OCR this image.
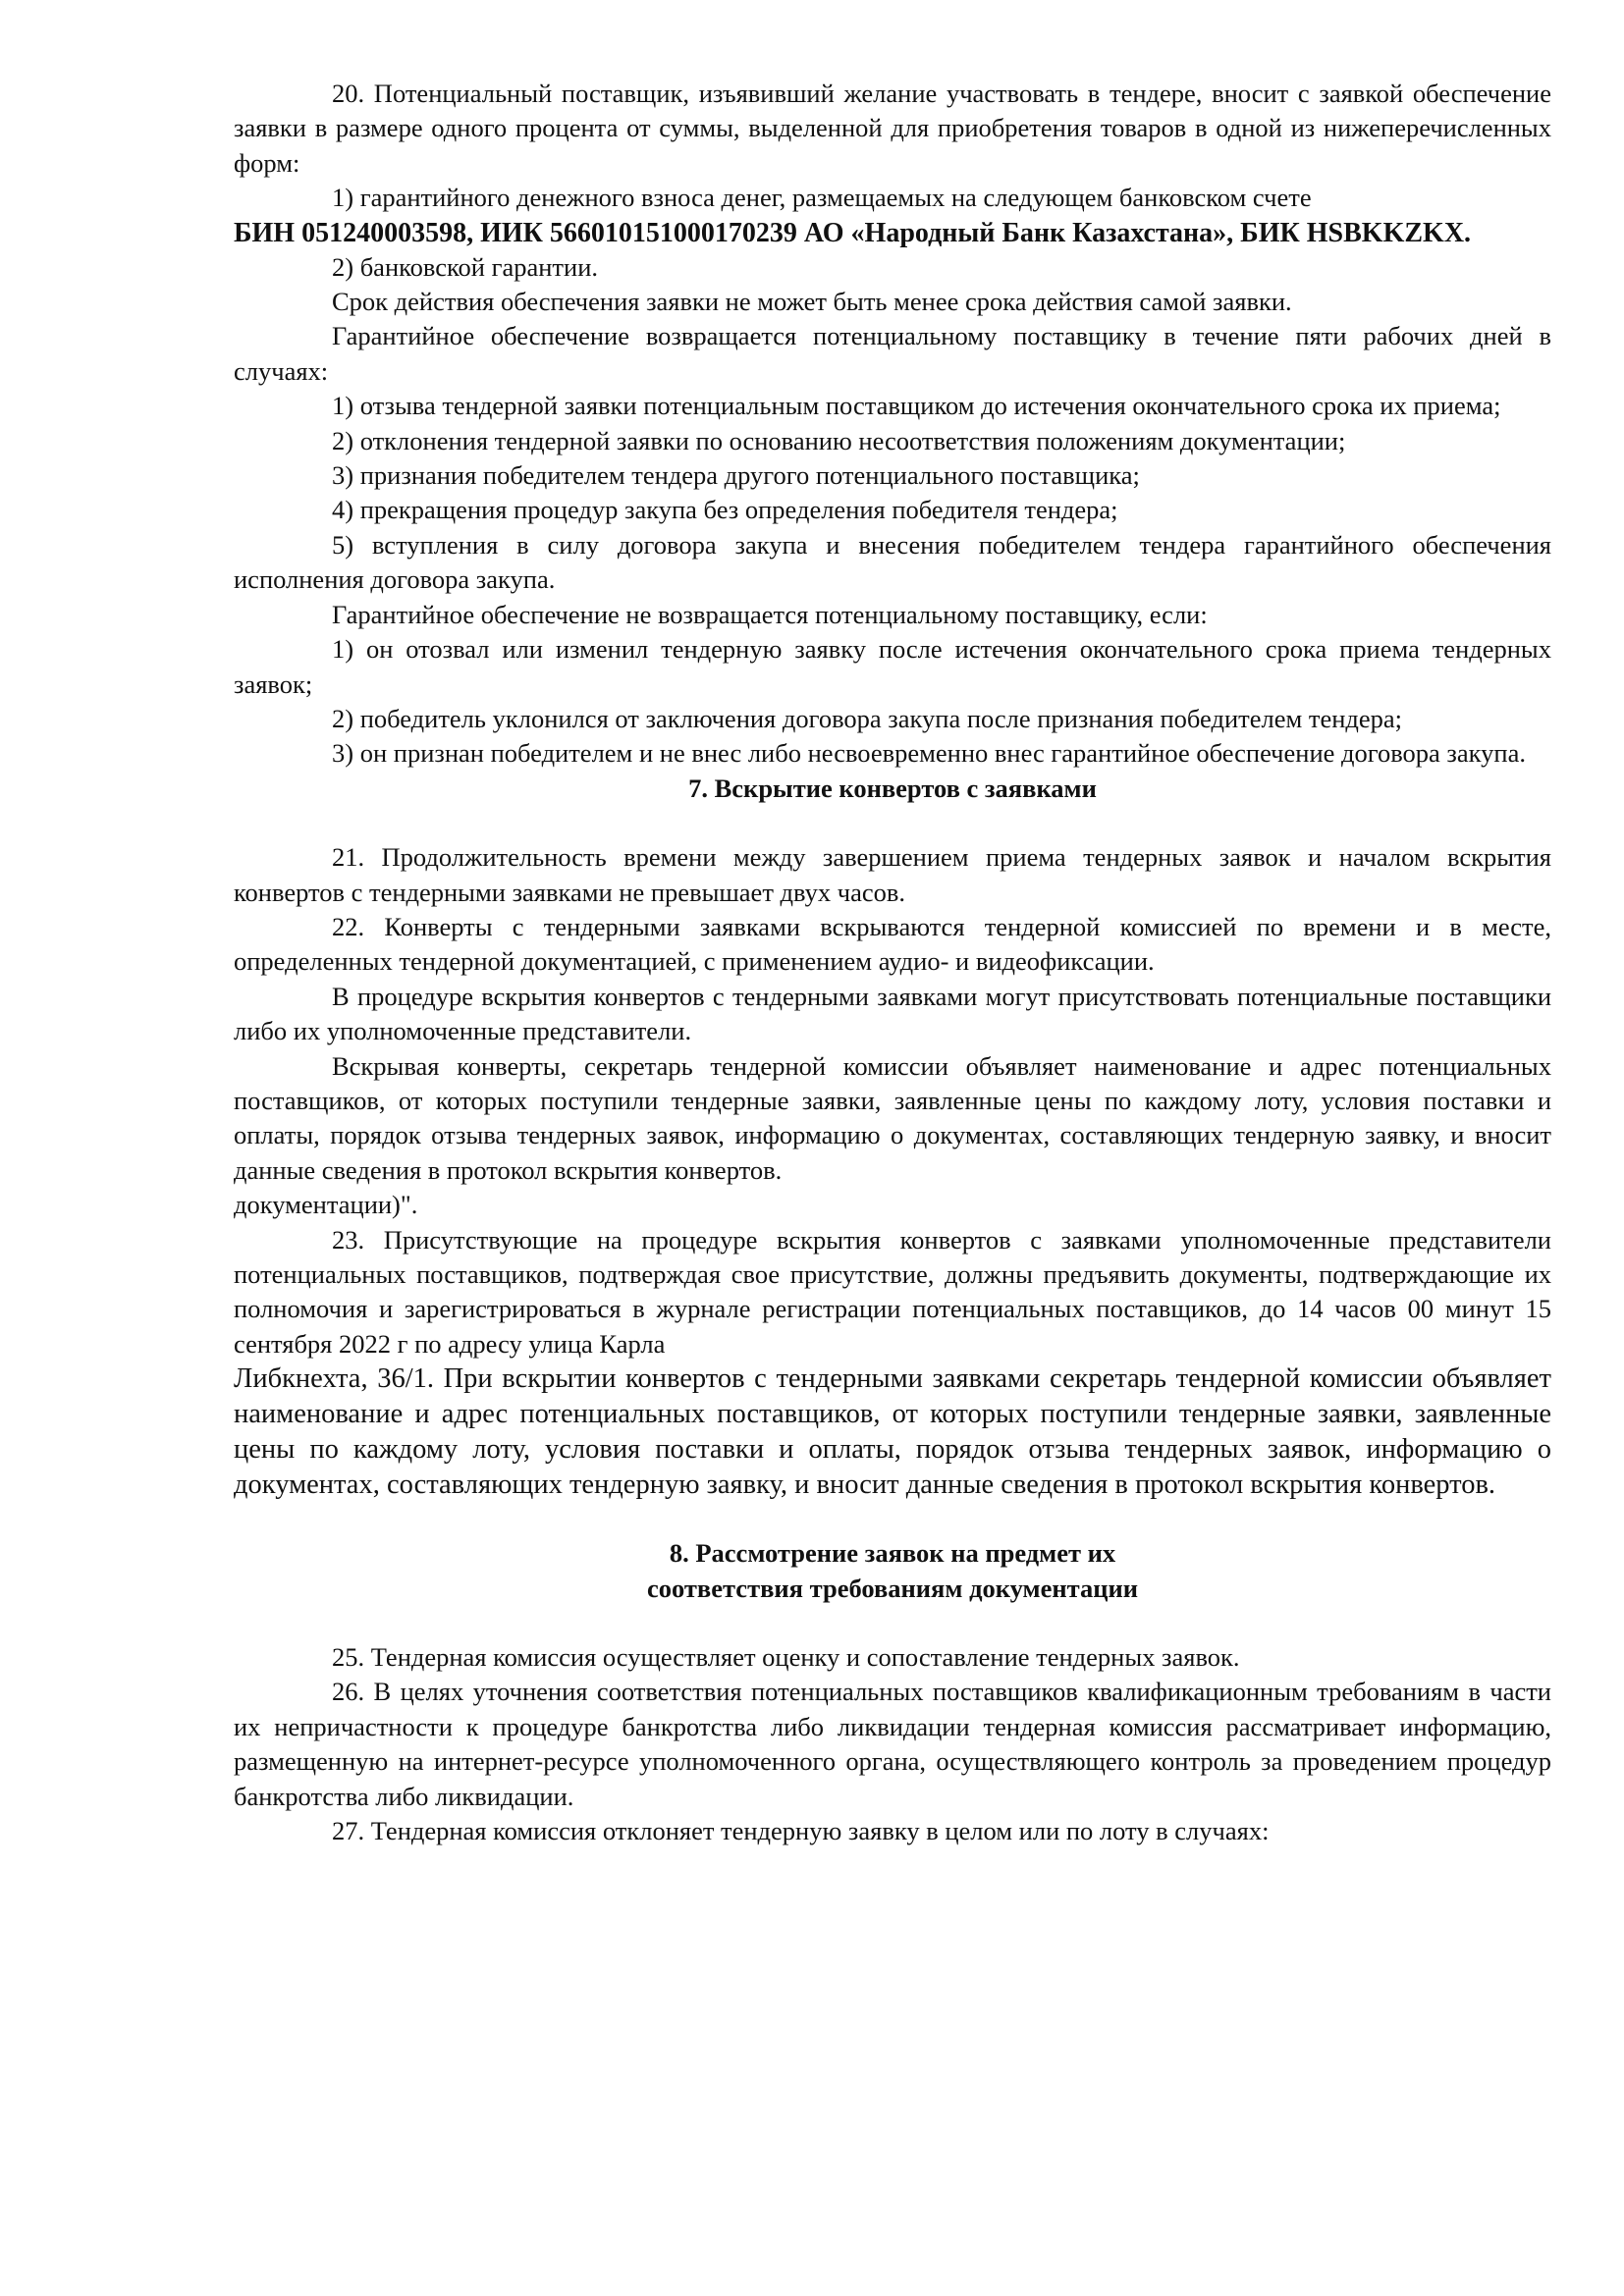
20. Потенциальный поставщик, изъявивший желание участвовать в тендере, вносит с заявкой обеспечение заявки в размере одного процента от суммы, выделенной для приобретения товаров в одной из нижеперечисленных форм:

1) гарантийного денежного взноса денег, размещаемых на следующем банковском счете

БИН 051240003598, ИИК 566010151000170239 АО «Народный Банк Казахстана», БИК HSBKKZKX.

2) банковской гарантии.

Срок действия обеспечения заявки не может быть менее срока действия самой заявки.

Гарантийное обеспечение возвращается потенциальному поставщику в течение пяти рабочих дней в случаях:

1) отзыва тендерной заявки потенциальным поставщиком до истечения окончательного срока их приема;

2) отклонения тендерной заявки по основанию несоответствия положениям документации;

3) признания победителем тендера другого потенциального поставщика;

4) прекращения процедур закупа без определения победителя тендера;

5) вступления в силу договора закупа и внесения победителем тендера гарантийного обеспечения исполнения договора закупа.

Гарантийное обеспечение не возвращается потенциальному поставщику, если:

1) он отозвал или изменил тендерную заявку после истечения окончательного срока приема тендерных заявок;

2) победитель уклонился от заключения договора закупа после признания победителем тендера;

3) он признан победителем и не внес либо несвоевременно внес гарантийное обеспечение договора закупа.

7. Вскрытие конвертов с заявками

21. Продолжительность времени между завершением приема тендерных заявок и началом вскрытия конвертов с тендерными заявками не превышает двух часов.

22. Конверты с тендерными заявками вскрываются тендерной комиссией по времени и в месте, определенных тендерной документацией, с применением аудио- и видеофиксации.

В процедуре вскрытия конвертов с тендерными заявками могут присутствовать потенциальные поставщики либо их уполномоченные представители.

Вскрывая конверты, секретарь тендерной комиссии объявляет наименование и адрес потенциальных поставщиков, от которых поступили тендерные заявки, заявленные цены по каждому лоту, условия поставки и оплаты, порядок отзыва тендерных заявок, информацию о документах, составляющих тендерную заявку, и вносит данные сведения в протокол вскрытия конвертов.

документации)".

23. Присутствующие на процедуре вскрытия конвертов с заявками уполномоченные представители потенциальных поставщиков, подтверждая свое присутствие, должны предъявить документы, подтверждающие их полномочия и зарегистрироваться в журнале регистрации потенциальных поставщиков, до 14 часов 00 минут 15 сентября 2022 г по адресу улица Карла

Либкнехта, 36/1. При вскрытии конвертов с тендерными заявками секретарь тендерной комиссии объявляет наименование и адрес потенциальных поставщиков, от которых поступили тендерные заявки, заявленные цены по каждому лоту, условия поставки и оплаты, порядок отзыва тендерных заявок, информацию о документах, составляющих тендерную заявку, и вносит данные сведения в протокол вскрытия конвертов.

8. Рассмотрение заявок на предмет их
соответствия требованиям документации

25. Тендерная комиссия осуществляет оценку и сопоставление тендерных заявок.

26. В целях уточнения соответствия потенциальных поставщиков квалификационным требованиям в части их непричастности к процедуре банкротства либо ликвидации тендерная комиссия рассматривает информацию, размещенную на интернет-ресурсе уполномоченного органа, осуществляющего контроль за проведением процедур банкротства либо ликвидации.

27. Тендерная комиссия отклоняет тендерную заявку в целом или по лоту в случаях:
